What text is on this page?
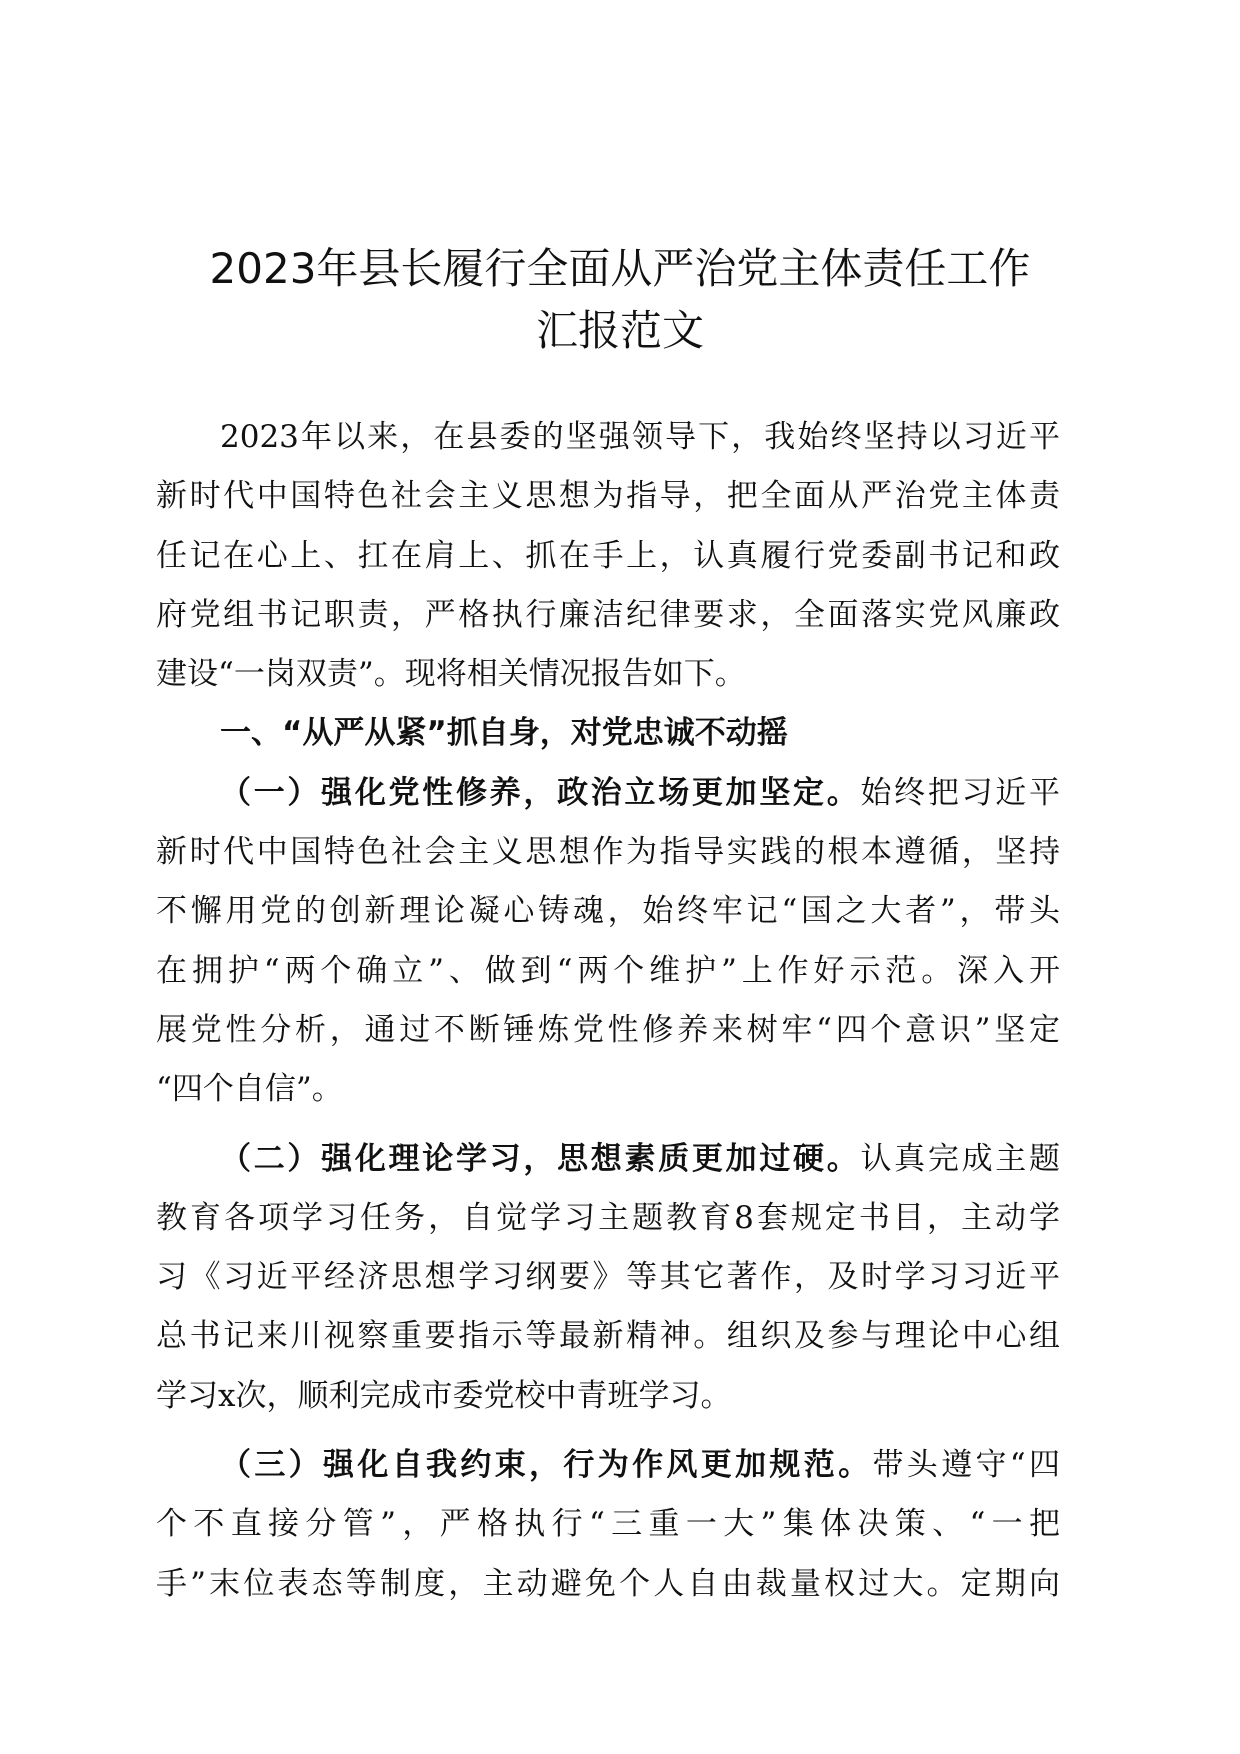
2023年县长履行全面从严治党主体责任工作
汇报范文
2023年以来，在县委的坚强领导下，我始终坚持以习近平
新时代中国特色社会主义思想为指导，把全面从严治党主体责
任记在心上、扛在肩上、抓在手上，认真履行党委副书记和政
府党组书记职责，严格执行廉洁纪律要求，全面落实党风廉政
建设“一岗双责”。现将相关情况报告如下。
一、“从严从紧”抓自身，对党忠诚不动摇
（一）强化党性修养，政治立场更加坚定。始终把习近平
新时代中国特色社会主义思想作为指导实践的根本遵循，坚持
不懈用党的创新理论凝心铸魂，始终牢记“国之大者”，带头
在拥护“两个确立”、做到“两个维护”上作好示范。深入开
展党性分析，通过不断锤炼党性修养来树牢“四个意识”坚定
“四个自信”。
（二）强化理论学习，思想素质更加过硬。认真完成主题
教育各项学习任务，自觉学习主题教育8套规定书目，主动学
习《习近平经济思想学习纲要》等其它著作，及时学习习近平
总书记来川视察重要指示等最新精神。组织及参与理论中心组
学习x次，顺利完成市委党校中青班学习。
（三）强化自我约束，行为作风更加规范。带头遵守“四
个不直接分管”，严格执行“三重一大”集体决策、“一把
手”末位表态等制度，主动避免个人自由裁量权过大。定期向
